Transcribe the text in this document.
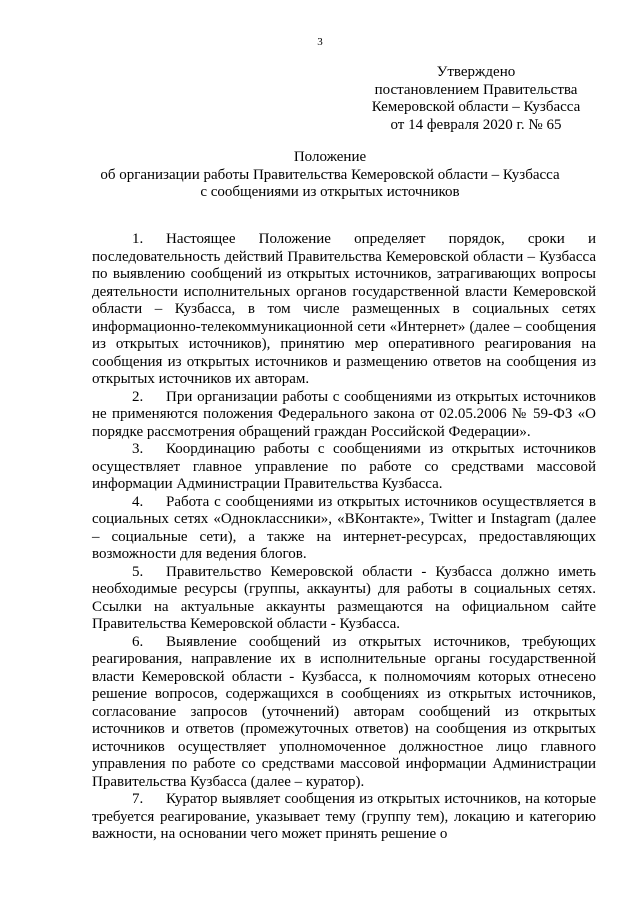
3
Утверждено
постановлением Правительства
Кемеровской области – Кузбасса
от 14 февраля 2020 г. № 65
Положение
об организации работы Правительства Кемеровской области – Кузбасса
с сообщениями из открытых источников

1. Настоящее Положение определяет порядок, сроки и последовательность действий Правительства Кемеровской области – Кузбасса по выявлению сообщений из открытых источников, затрагивающих вопросы деятельности исполнительных органов государственной власти Кемеровской области – Кузбасса, в том числе размещенных в социальных сетях информационно-телекоммуникационной сети «Интернет» (далее – сообщения из открытых источников), принятию мер оперативного реагирования на сообщения из открытых источников и размещению ответов на сообщения из открытых источников их авторам.

2. При организации работы с сообщениями из открытых источников не применяются положения Федерального закона от 02.05.2006 № 59-ФЗ «О порядке рассмотрения обращений граждан Российской Федерации».

3. Координацию работы с сообщениями из открытых источников осуществляет главное управление по работе со средствами массовой информации Администрации Правительства Кузбасса.

4. Работа с сообщениями из открытых источников осуществляется в социальных сетях «Одноклассники», «ВКонтакте», Twitter и Instagram (далее – социальные сети), а также на интернет-ресурсах, предоставляющих возможности для ведения блогов.

5. Правительство Кемеровской области - Кузбасса должно иметь необходимые ресурсы (группы, аккаунты) для работы в социальных сетях. Ссылки на актуальные аккаунты размещаются на официальном сайте Правительства Кемеровской области - Кузбасса.

6. Выявление сообщений из открытых источников, требующих реагирования, направление их в исполнительные органы государственной власти Кемеровской области - Кузбасса, к полномочиям которых отнесено решение вопросов, содержащихся в сообщениях из открытых источников, согласование запросов (уточнений) авторам сообщений из открытых источников и ответов (промежуточных ответов) на сообщения из открытых источников осуществляет уполномоченное должностное лицо главного управления по работе со средствами массовой информации Администрации Правительства Кузбасса (далее – куратор).

7. Куратор выявляет сообщения из открытых источников, на которые требуется реагирование, указывает тему (группу тем), локацию и категорию важности, на основании чего может принять решение о
